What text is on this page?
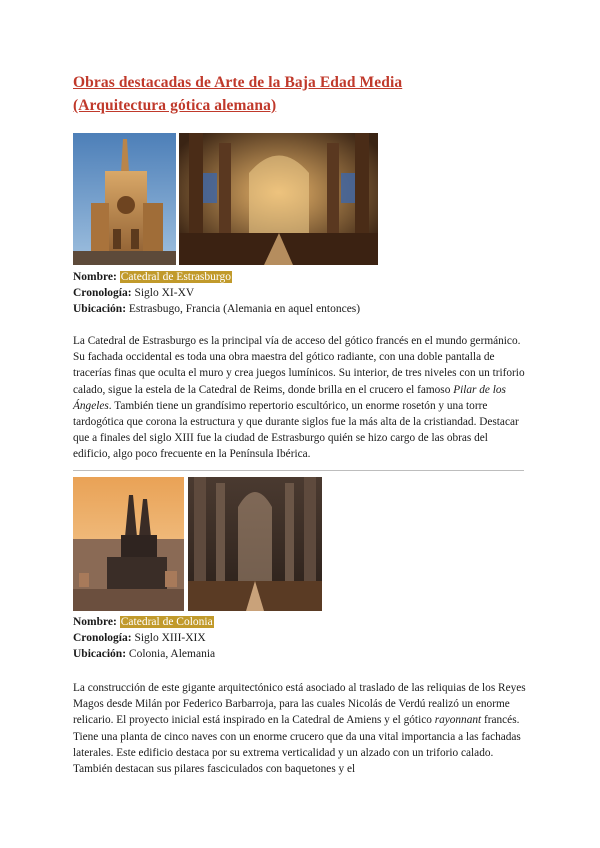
Obras destacadas de Arte de la Baja Edad Media
(Arquitectura gótica alemana)
Nombre: Catedral de Estrasburgo
Cronología: Siglo XI-XV
Ubicación: Estrasbugo, Francia (Alemania en aquel entonces)

La Catedral de Estrasburgo es la principal vía de acceso del gótico francés en el mundo germánico. Su fachada occidental es toda una obra maestra del gótico radiante, con una doble pantalla de tracerías finas que oculta el muro y crea juegos lumínicos. Su interior, de tres niveles con un triforio calado, sigue la estela de la Catedral de Reims, donde brilla en el crucero el famoso Pilar de los Ángeles. También tiene un grandísimo repertorio escultórico, un enorme rosetón y una torre tardogótica que corona la estructura y que durante siglos fue la más alta de la cristiandad. Destacar que a finales del siglo XIII fue la ciudad de Estrasburgo quién se hizo cargo de las obras del edificio, algo poco frecuente en la Península Ibérica.

Nombre: Catedral de Colonia
Cronología: Siglo XIII-XIX
Ubicación: Colonia, Alemania

La construcción de este gigante arquitectónico está asociado al traslado de las reliquias de los Reyes Magos desde Milán por Federico Barbarroja, para las cuales Nicolás de Verdú realizó un enorme relicario. El proyecto inicial está inspirado en la Catedral de Amiens y el gótico rayonnant francés. Tiene una planta de cinco naves con un enorme crucero que da una vital importancia a las fachadas laterales. Este edificio destaca por su extrema verticalidad y un alzado con un triforio calado. También destacan sus pilares fasciculados con baquetones y el
